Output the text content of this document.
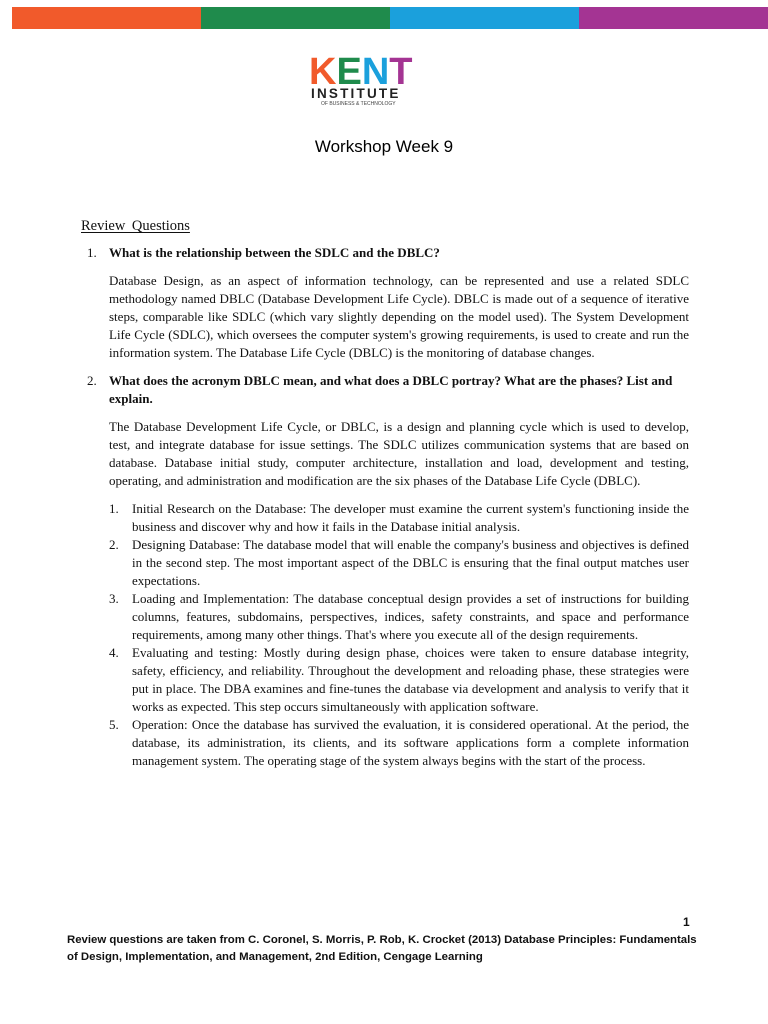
KENT
INSTITUTE
OF BUSINESS & TECHNOLOGY
Workshop Week 9
Review Questions
1. What is the relationship between the SDLC and the DBLC?
Database Design, as an aspect of information technology, can be represented and use a related SDLC methodology named DBLC (Database Development Life Cycle). DBLC is made out of a sequence of iterative steps, comparable like SDLC (which vary slightly depending on the model used). The System Development Life Cycle (SDLC), which oversees the computer system's growing requirements, is used to create and run the information system. The Database Life Cycle (DBLC) is the monitoring of database changes.
2. What does the acronym DBLC mean, and what does a DBLC portray? What are the phases? List and explain.
The Database Development Life Cycle, or DBLC, is a design and planning cycle which is used to develop, test, and integrate database for issue settings. The SDLC utilizes communication systems that are based on database. Database initial study, computer architecture, installation and load, development and testing, operating, and administration and modification are the six phases of the Database Life Cycle (DBLC).
1.	Initial Research on the Database: The developer must examine the current system's functioning inside the business and discover why and how it fails in the Database initial analysis.
2.	Designing Database: The database model that will enable the company's business and objectives is defined in the second step. The most important aspect of the DBLC is ensuring that the final output matches user expectations.
3.	Loading and Implementation: The database conceptual design provides a set of instructions for building columns, features, subdomains, perspectives, indices, safety constraints, and space and performance requirements, among many other things. That's where you execute all of the design requirements.
4.	Evaluating and testing: Mostly during design phase, choices were taken to ensure database integrity, safety, efficiency, and reliability. Throughout the development and reloading phase, these strategies were put in place. The DBA examines and fine-tunes the database via development and analysis to verify that it works as expected. This step occurs simultaneously with application software.
5.	Operation: Once the database has survived the evaluation, it is considered operational. At the period, the database, its administration, its clients, and its software applications form a complete information management system. The operating stage of the system always begins with the start of the process.
1
Review questions are taken from C. Coronel, S. Morris, P. Rob, K. Crocket (2013) Database Principles: Fundamentals of Design, Implementation, and Management, 2nd Edition, Cengage Learning
